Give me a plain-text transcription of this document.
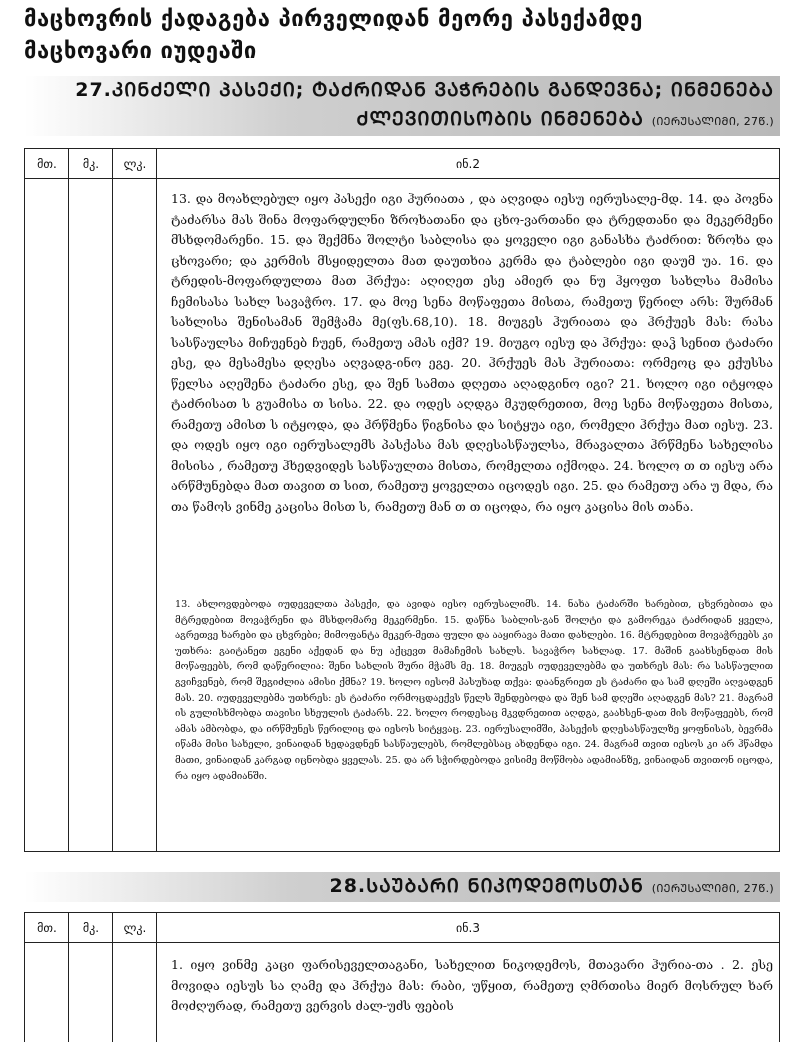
მაცხოვრის ქადაგება პირველიდან მეორე პასექამდე
მაცხოვარი იუდეაში
27.ᲙᲘᲜᲫᲔᲚᲘ ᲞᲐᲡᲔᲥᲘ; ᲢᲐᲫᲠᲘᲓᲐᲜ ᲕᲐᲭᲠᲔᲑᲘᲡ ᲒᲐᲜᲓᲔᲕᲜᲐ; ᲘᲜᲛᲔᲜᲔᲑᲐ
ᲫᲚᲔᲕᲘᲗᲘᲡᲝᲑᲘᲡ ᲘᲜᲛᲔᲜᲔᲑᲐ (ᲘᲔᲠᲣᲡᲐᲚᲘᲛᲘ, 27Წ.)
მთ.	მკ.	ლკ.	ინ.2
13. და მოახლებულ იყო პასექი იგი ჰურიათა , და აღვიდა იესუ იერუსალე-მდ. 14. და პოვნა ტაძარსა მას შინა მოფარდულნი ზროხათანი და ცხო-ვართანი და ტრედთანი და მეკერმენი მსხდომარენი. 15. და შექმნა შოლტი საბლისა და ყოველი იგი განასხა ტაძრით: ზროხა და ცხოვარი; და კერმის მსყიდელთა მათ დაუთხია კერმა და ტაბლები იგი დაუმ უა. 16. და ტრედის-მოფარდულთა მათ ჰრქუა: აღიღეთ ესე ამიერ და ნუ ჰყოფთ სახლსა მამისა ჩემისასა სახლ სავაჭრო. 17. და მოე სენა მოწაფეთა მისთა, რამეთუ წერილ არს: შურმან სახლისა შენისამან შემჭამა მე(ფს.68,10). 18. მიუგეს ჰურიათა და ჰრქუეს მას: რასა სასწაულსა მიჩუენებ ჩუენ, რამეთუ ამას იქმ? 19. მიუგო იესუ და ჰრქუა: დაჴ სენით ტაძარი ესე, და მესამესა დღესა აღვადგ-ინო ეგე. 20. ჰრქუეს მას ჰურიათა: ორმეოც და ექუსსა წელსა აღეშენა ტაძარი ესე, და შენ სამთა დღეთა აღადგინო იგი? 21. ხოლო იგი იტყოდა ტაძრისათ ს გუამისა თ სისა. 22. და ოდეს აღდგა მკუდრეთით, მოე სენა მოწაფეთა მისთა, რამეთუ ამისთ ს იტყოდა, და ჰრწმენა წიგნისა და სიტყუა იგი, რომელი ჰრქუა მათ იესუ. 23. და ოდეს იყო იგი იერუსალემს პასქასა მას დღესასწაულსა, მრავალთა ჰრწმენა სახელისა მისისა , რამეთუ ჰხედვიდეს სასწაულთა მისთა, რომელთა იქმოდა. 24. ხოლო თ თ იესუ არა არწმუნებდა მათ თავით თ სით, რამეთუ ყოველთა იცოდეს იგი. 25. და რამეთუ არა უ მდა, რა თა წამოს ვინმე კაცისა მისთ ს, რამეთუ მან თ თ იცოდა, რა იყო კაცისა მის თანა.
13. ახლოვდებოდა იუდეველთა პასექი, და ავიდა იესო იერუსალიმს. 14. ნახა ტაძარში ხარებით, ცხვრებითა და მტრედებით მოვაჭრენი და მსხდომარე მეკერმენი. 15. დაწნა საბლის-გან შოლტი და გამორეკა ტაძრიდან ყველა, აგრეთვე ხარები და ცხვრები; მიმოფანტა მეკერ-მეთა ფული და ააყირავა მათი დახლები. 16. მტრედებით მოვაჭრეებს კი უთხრა: გაიტანეთ ეგენი აქედან და ნუ აქცევთ მამაჩემის სახლს. სავაჭრო სახლად. 17. მაშინ გაახსენდათ მის მოწაფეებს, რომ დაწერილია: შენი სახლის შური მჭამს მე. 18. მიუგეს იუდეველებმა და უთხრეს მას: რა სასწაულით გვიჩვენებ, რომ შეგიძლია ამისი ქმნა? 19. ხოლო იესომ პასუხად თქვა: დაანგრიეთ ეს ტაძარი და სამ დღეში აღვადგენ მას. 20. იუდეველებმა უთხრეს: ეს ტაძარი ორმოცდაექვს წელს შენდებოდა და შენ სამ დღეში აღადგენ მას? 21. მაგრამ ის გულისხმობდა თავისი სხეულის ტაძარს. 22. ხოლო როდესაც მკვდრეთით აღდგა, გაახსენ-დათ მის მოწაფეებს, რომ ამას ამბობდა, და ირწმუნეს წერილიც და იესოს სიტყვაც. 23. იერუსალიმში, პასექის დღესასწაულზე ყოფნისას, ბევრმა იწამა მისი სახელი, ვინაიდან ხედავდნენ სასწაულებს, რომლებსაც ახდენდა იგი. 24. მაგრამ თვით იესოს კი არ ჰწამდა მათი, ვინაიდან კარგად იცნობდა ყველას. 25. და არ სჭირდებოდა ვისიმე მოწმობა ადამიანზე, ვინაიდან თვითონ იცოდა, რა იყო ადამიანში.
28.ᲡᲐᲣᲑᲐᲠᲘ ᲜᲘᲙᲝᲓᲔᲛᲝᲡᲗᲐᲜ (ᲘᲔᲠᲣᲡᲐᲚᲘᲛᲘ, 27Წ.)
მთ.	მკ.	ლკ.	ინ.3
1. იყო ვინმე კაცი ფარისეველთაგანი, სახელით ნიკოდემოს, მთავარი ჰურია-თა . 2. ესე მოვიდა იესუს სა ღამე და ჰრქუა მას: რაბი, უწყით, რამეთუ ღმრთისა მიერ მოსრულ ხარ მოძღურად, რამეთუ ვერვის ძალ-უძს ფების
